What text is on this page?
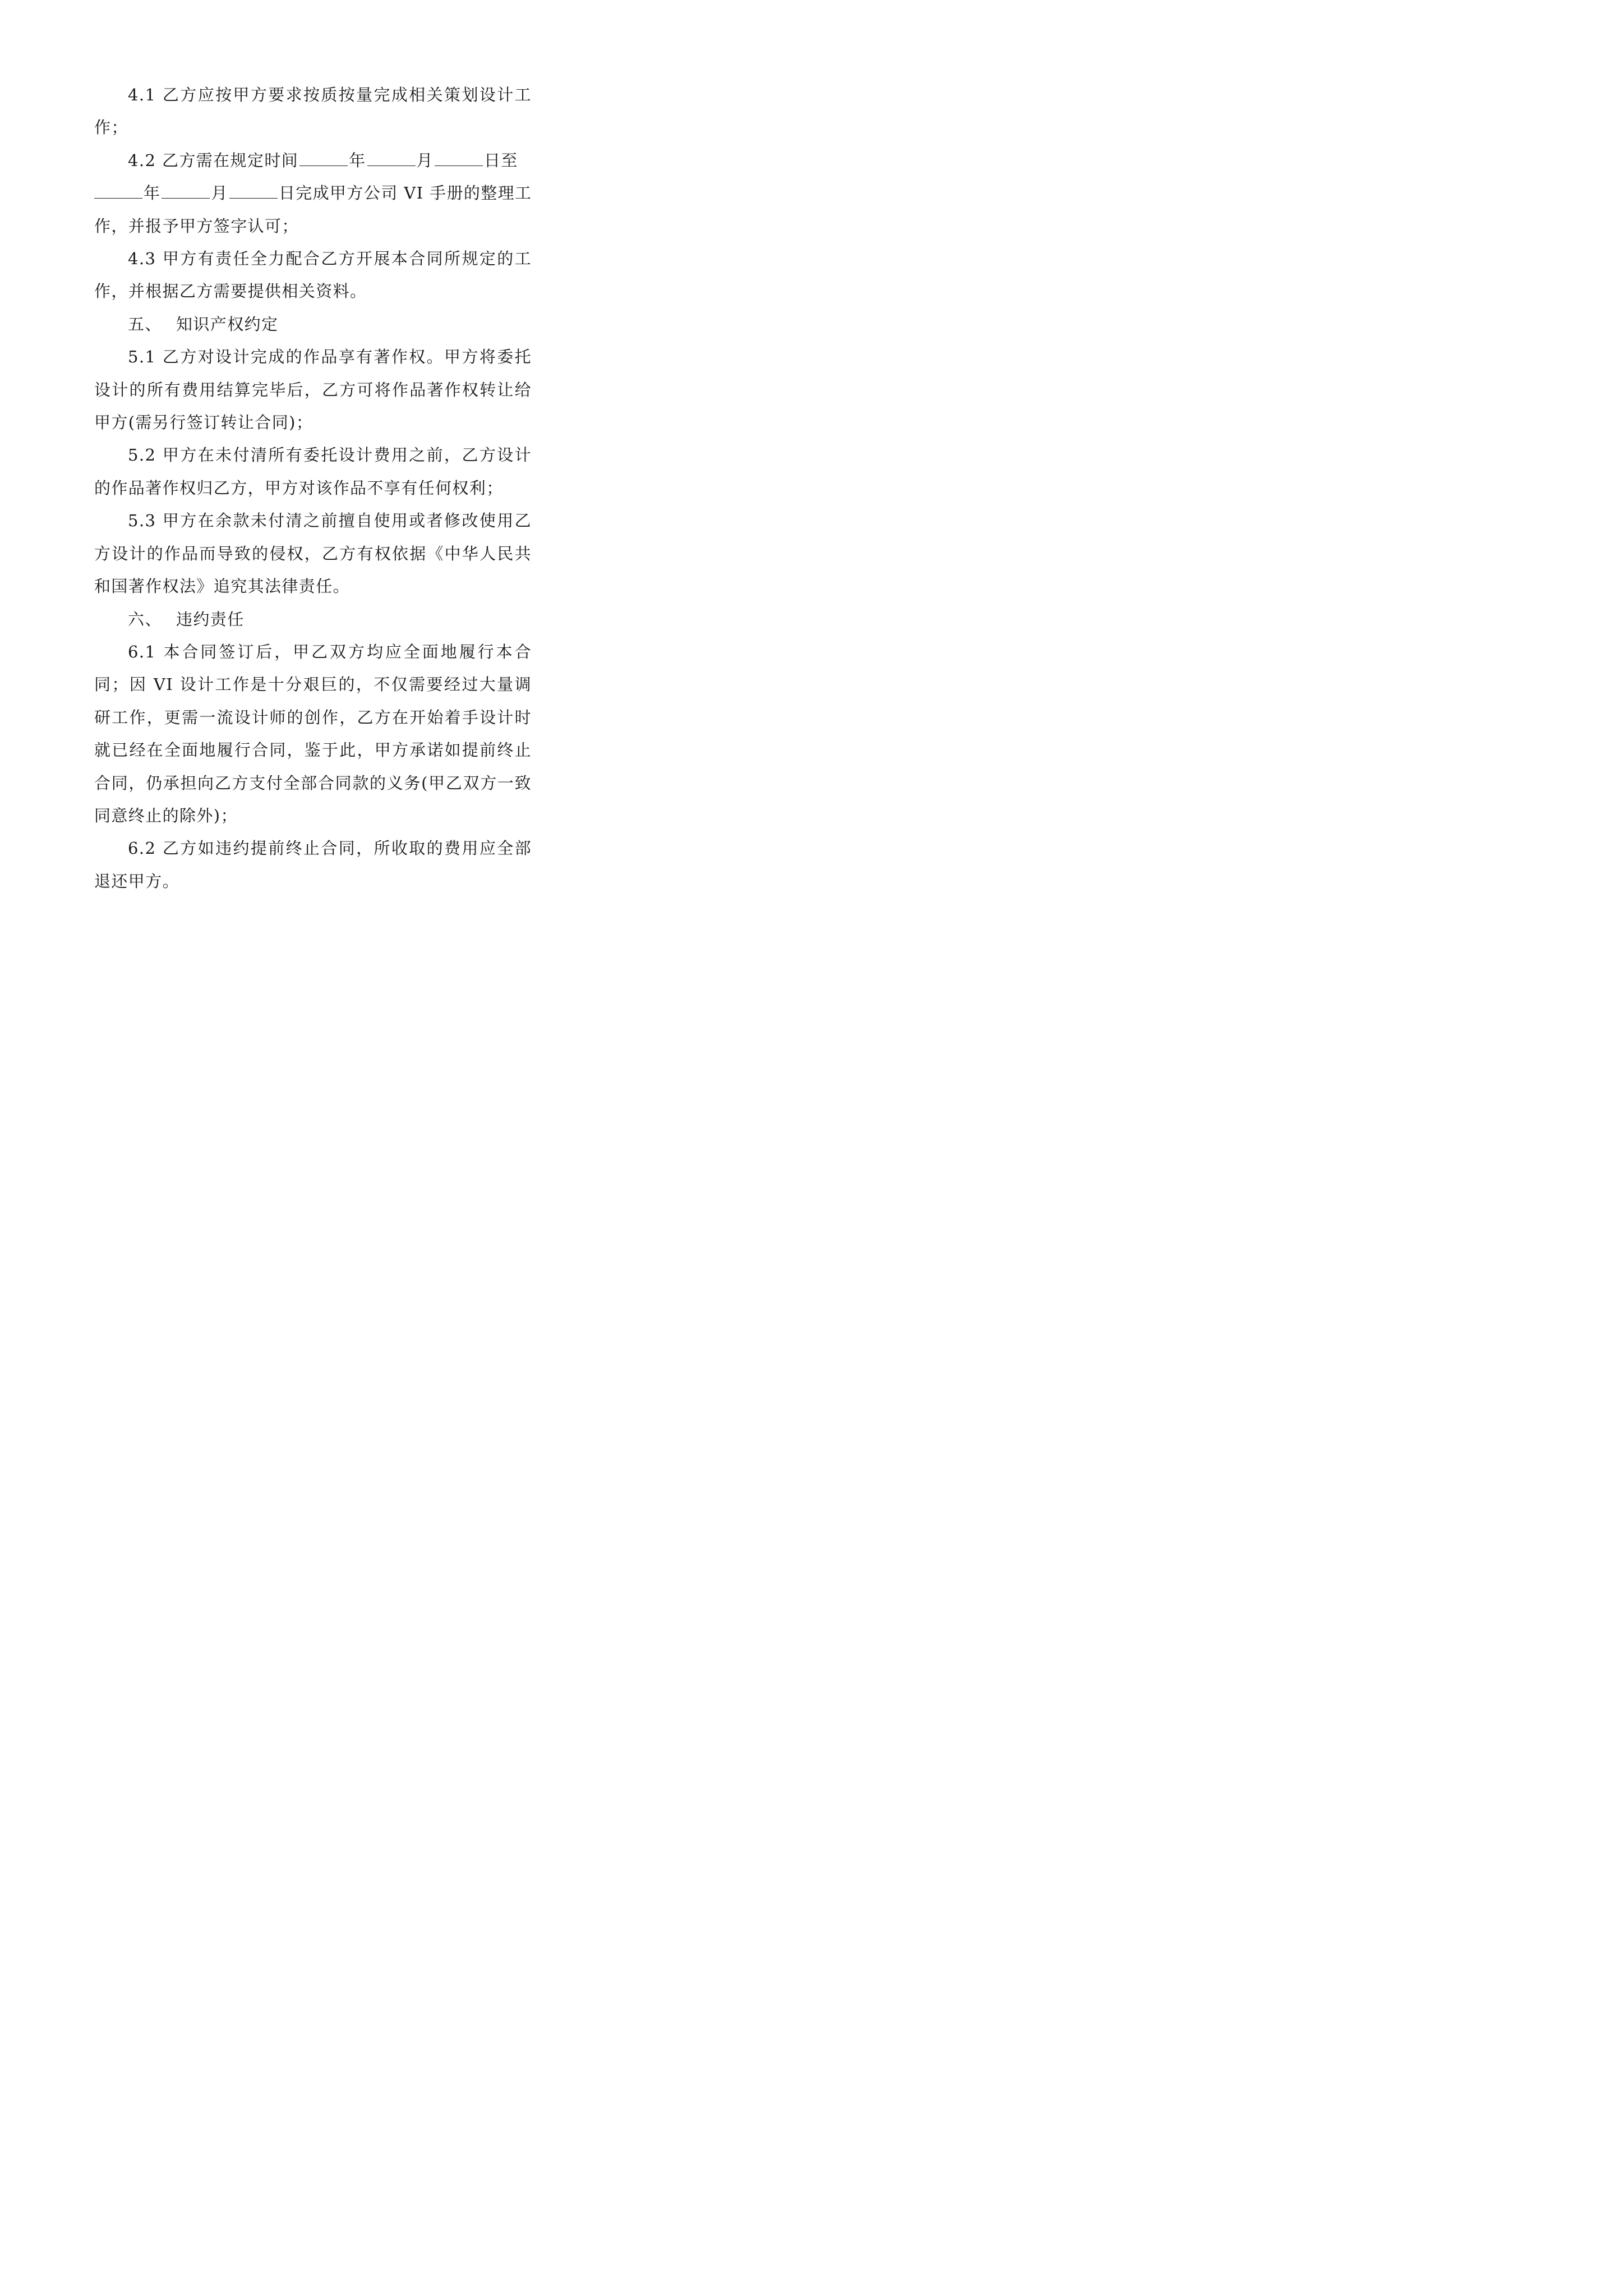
4.1 乙方应按甲方要求按质按量完成相关策划设计工作；

4.2 乙方需在规定时间	年	月	日至
年	月	日完成甲方公司 VI 手册的整理工
作，并报予甲方签字认可；

4.3 甲方有责任全力配合乙方开展本合同所规定的工作，并根据乙方需要提供相关资料。

五、 知识产权约定

5.1 乙方对设计完成的作品享有著作权。甲方将委托设计的所有费用结算完毕后，乙方可将作品著作权转让给甲方(需另行签订转让合同)；

5.2 甲方在未付清所有委托设计费用之前，乙方设计的作品著作权归乙方，甲方对该作品不享有任何权利；

5.3 甲方在余款未付清之前擅自使用或者修改使用乙方设计的作品而导致的侵权，乙方有权依据《中华人民共和国著作权法》追究其法律责任。

六、 违约责任

6.1 本合同签订后，甲乙双方均应全面地履行本合同；因 VI 设计工作是十分艰巨的，不仅需要经过大量调研工作，更需一流设计师的创作，乙方在开始着手设计时就已经在全面地履行合同，鉴于此，甲方承诺如提前终止合同，仍承担向乙方支付全部合同款的义务(甲乙双方一致同意终止的除外)；

6.2 乙方如违约提前终止合同，所收取的费用应全部退还甲方。
